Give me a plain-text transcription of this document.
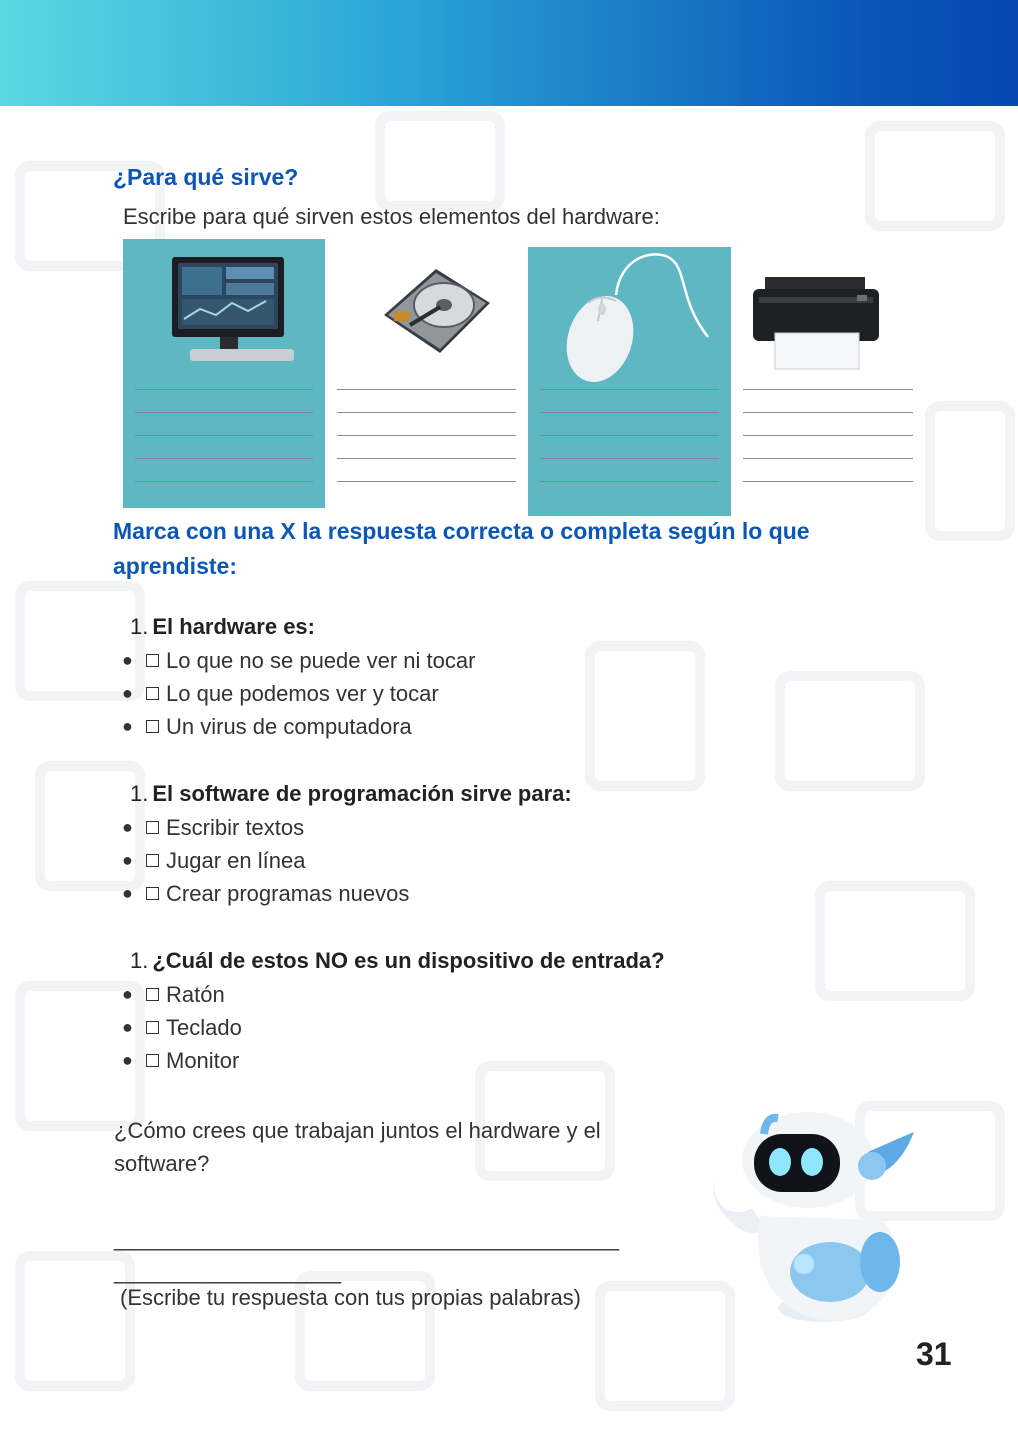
¿Para qué sirve?
Escribe para qué sirven estos elementos del hardware:
Marca con una X la respuesta correcta o completa según lo que
aprendiste:
1. El hardware es:
● Lo que no se puede ver ni tocar
● Lo que podemos ver y tocar
● Un virus de computadora
1. El software de programación sirve para:
● Escribir textos
● Jugar en línea
● Crear programas nuevos
1. ¿Cuál de estos NO es un dispositivo de entrada?
● Ratón
● Teclado
● Monitor
¿Cómo crees que trabajan juntos el hardware y el
software?
________________________________________
__________________
(Escribe tu respuesta con tus propias palabras)
31
